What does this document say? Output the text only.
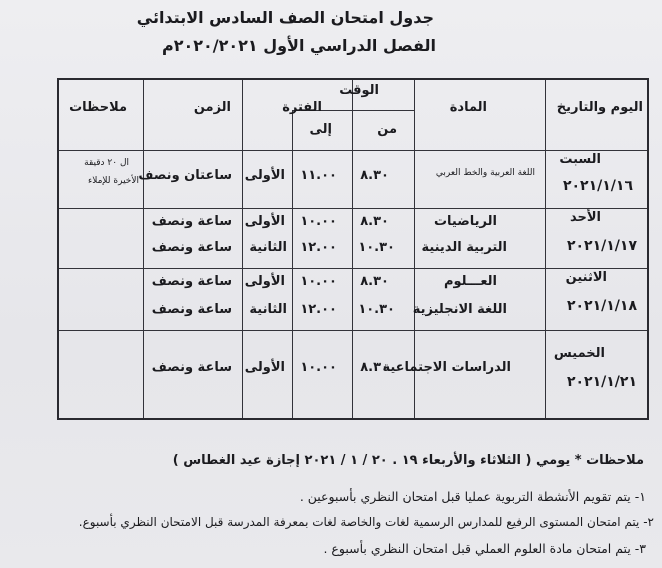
جدول امتحان الصف السادس الابتدائي
الفصل الدراسي الأول ٢٠٢٠/٢٠٢١م
اليوم والتاريخ
المادة
الوقت
من
إلى
الفترة
الزمن
ملاحظات
السبت
٢٠٢١/١/١٦
اللغة العربية والخط العربي
٨.٣٠
١١.٠٠
الأولى
ساعتان ونصف
ال ٢٠ دقيقة
الأخيرة للإملاء
الأحد
٢٠٢١/١/١٧
الرياضيات
التربية الدينية
٨.٣٠
١٠.٣٠
١٠.٠٠
١٢.٠٠
الأولى
الثانية
ساعة ونصف
ساعة ونصف
الاثنين
٢٠٢١/١/١٨
العـــلوم
اللغة الانجليزية
٨.٣٠
١٠.٣٠
١٠.٠٠
١٢.٠٠
الأولى
الثانية
ساعة ونصف
ساعة ونصف
الخميس
٢٠٢١/١/٢١
الدراسات الاجتماعية
٨.٣٠
١٠.٠٠
الأولى
ساعة ونصف
ملاحظات * يومي ( الثلاثاء والأربعاء ١٩ . ٢٠ / ١ / ٢٠٢١ إجازة عيد الغطاس )
١- يتم تقويم الأنشطة التربوية عمليا قبل امتحان النظري بأسبوعين .
٢- يتم امتحان المستوى الرفيع للمدارس الرسمية لغات والخاصة لغات بمعرفة المدرسة قبل الامتحان النظري بأسبوع.
٣- يتم امتحان مادة العلوم العملي قبل امتحان النظري بأسبوع .
